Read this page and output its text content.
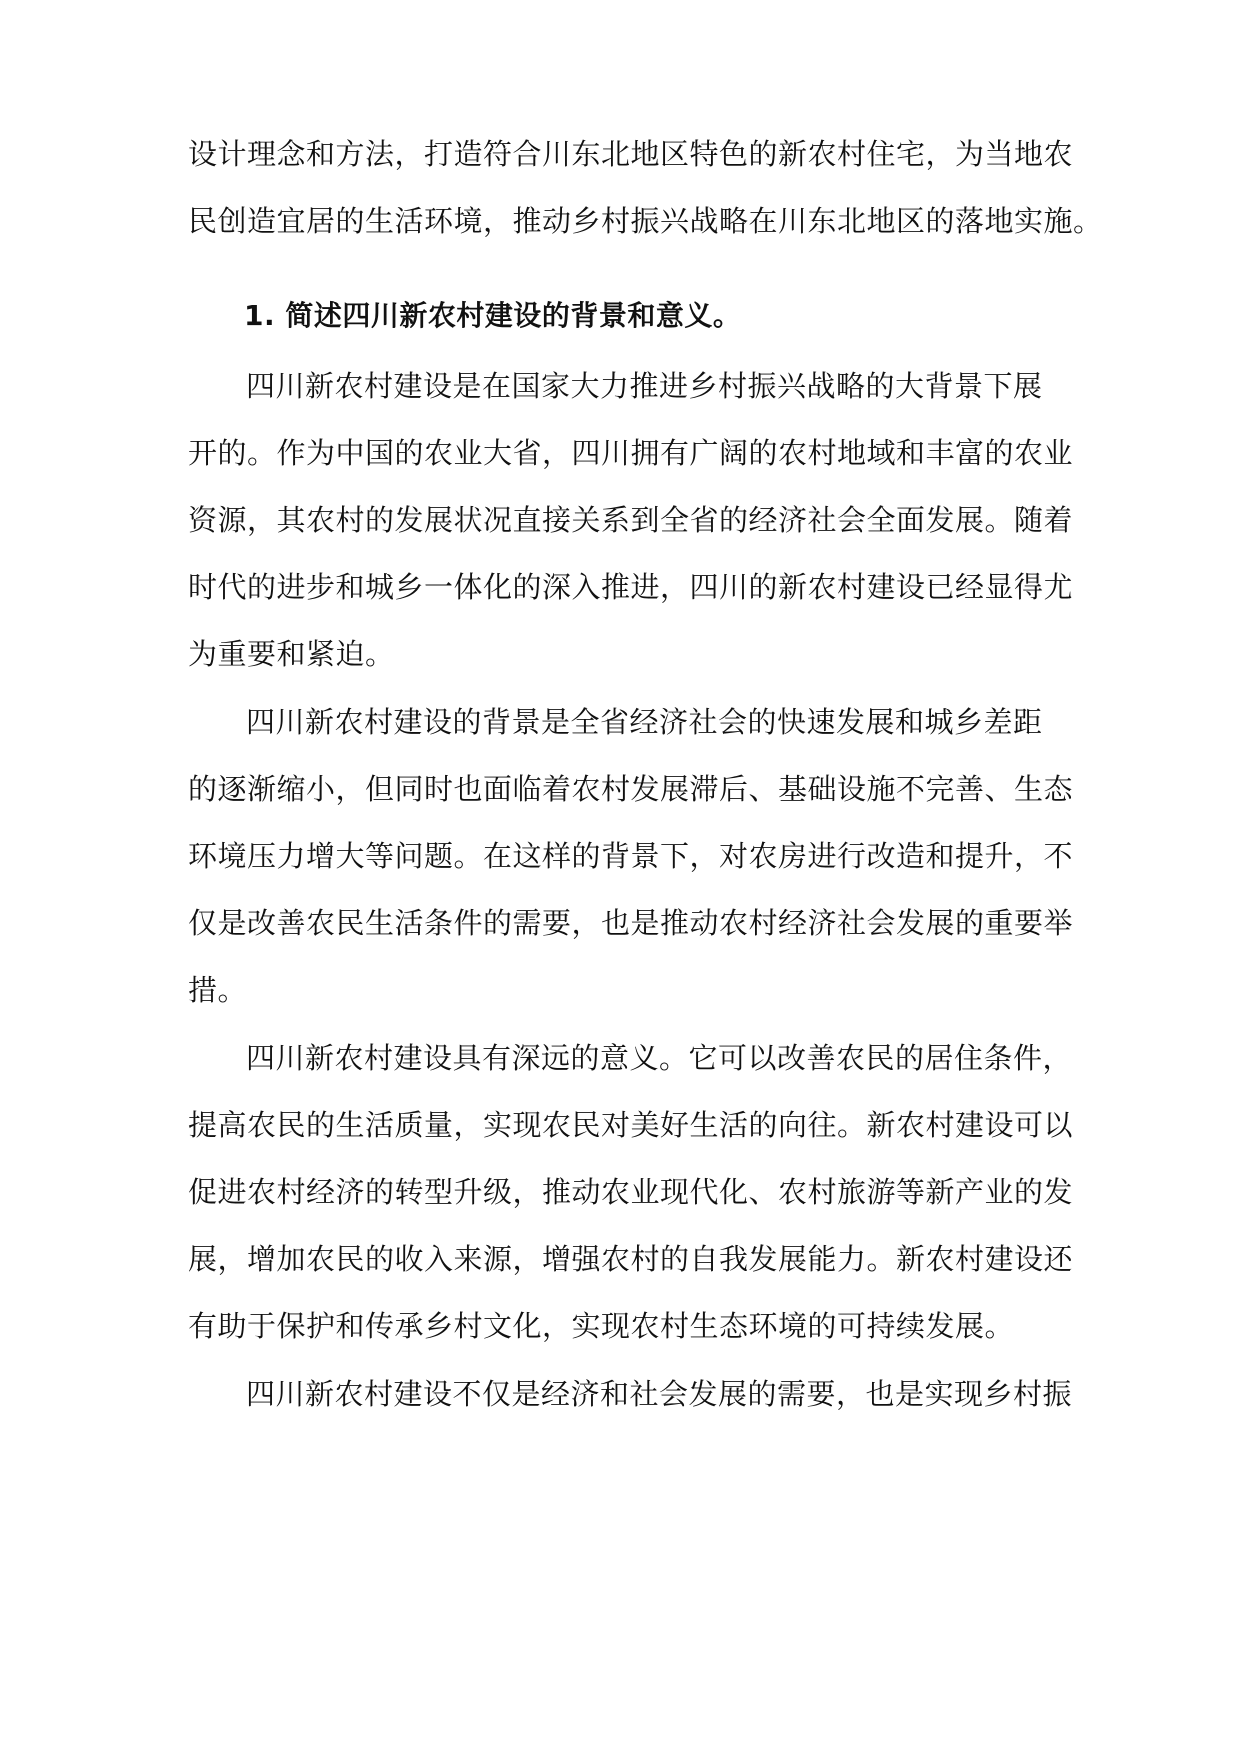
设计理念和方法，打造符合川东北地区特色的新农村住宅，为当地农
民创造宜居的生活环境，推动乡村振兴战略在川东北地区的落地实施。
1. 简述四川新农村建设的背景和意义。
四川新农村建设是在国家大力推进乡村振兴战略的大背景下展
开的。作为中国的农业大省，四川拥有广阔的农村地域和丰富的农业
资源，其农村的发展状况直接关系到全省的经济社会全面发展。随着
时代的进步和城乡一体化的深入推进，四川的新农村建设已经显得尤
为重要和紧迫。
四川新农村建设的背景是全省经济社会的快速发展和城乡差距
的逐渐缩小，但同时也面临着农村发展滞后、基础设施不完善、生态
环境压力增大等问题。在这样的背景下，对农房进行改造和提升，不
仅是改善农民生活条件的需要，也是推动农村经济社会发展的重要举
措。
四川新农村建设具有深远的意义。它可以改善农民的居住条件，
提高农民的生活质量，实现农民对美好生活的向往。新农村建设可以
促进农村经济的转型升级，推动农业现代化、农村旅游等新产业的发
展，增加农民的收入来源，增强农村的自我发展能力。新农村建设还
有助于保护和传承乡村文化，实现农村生态环境的可持续发展。
四川新农村建设不仅是经济和社会发展的需要，也是实现乡村振
